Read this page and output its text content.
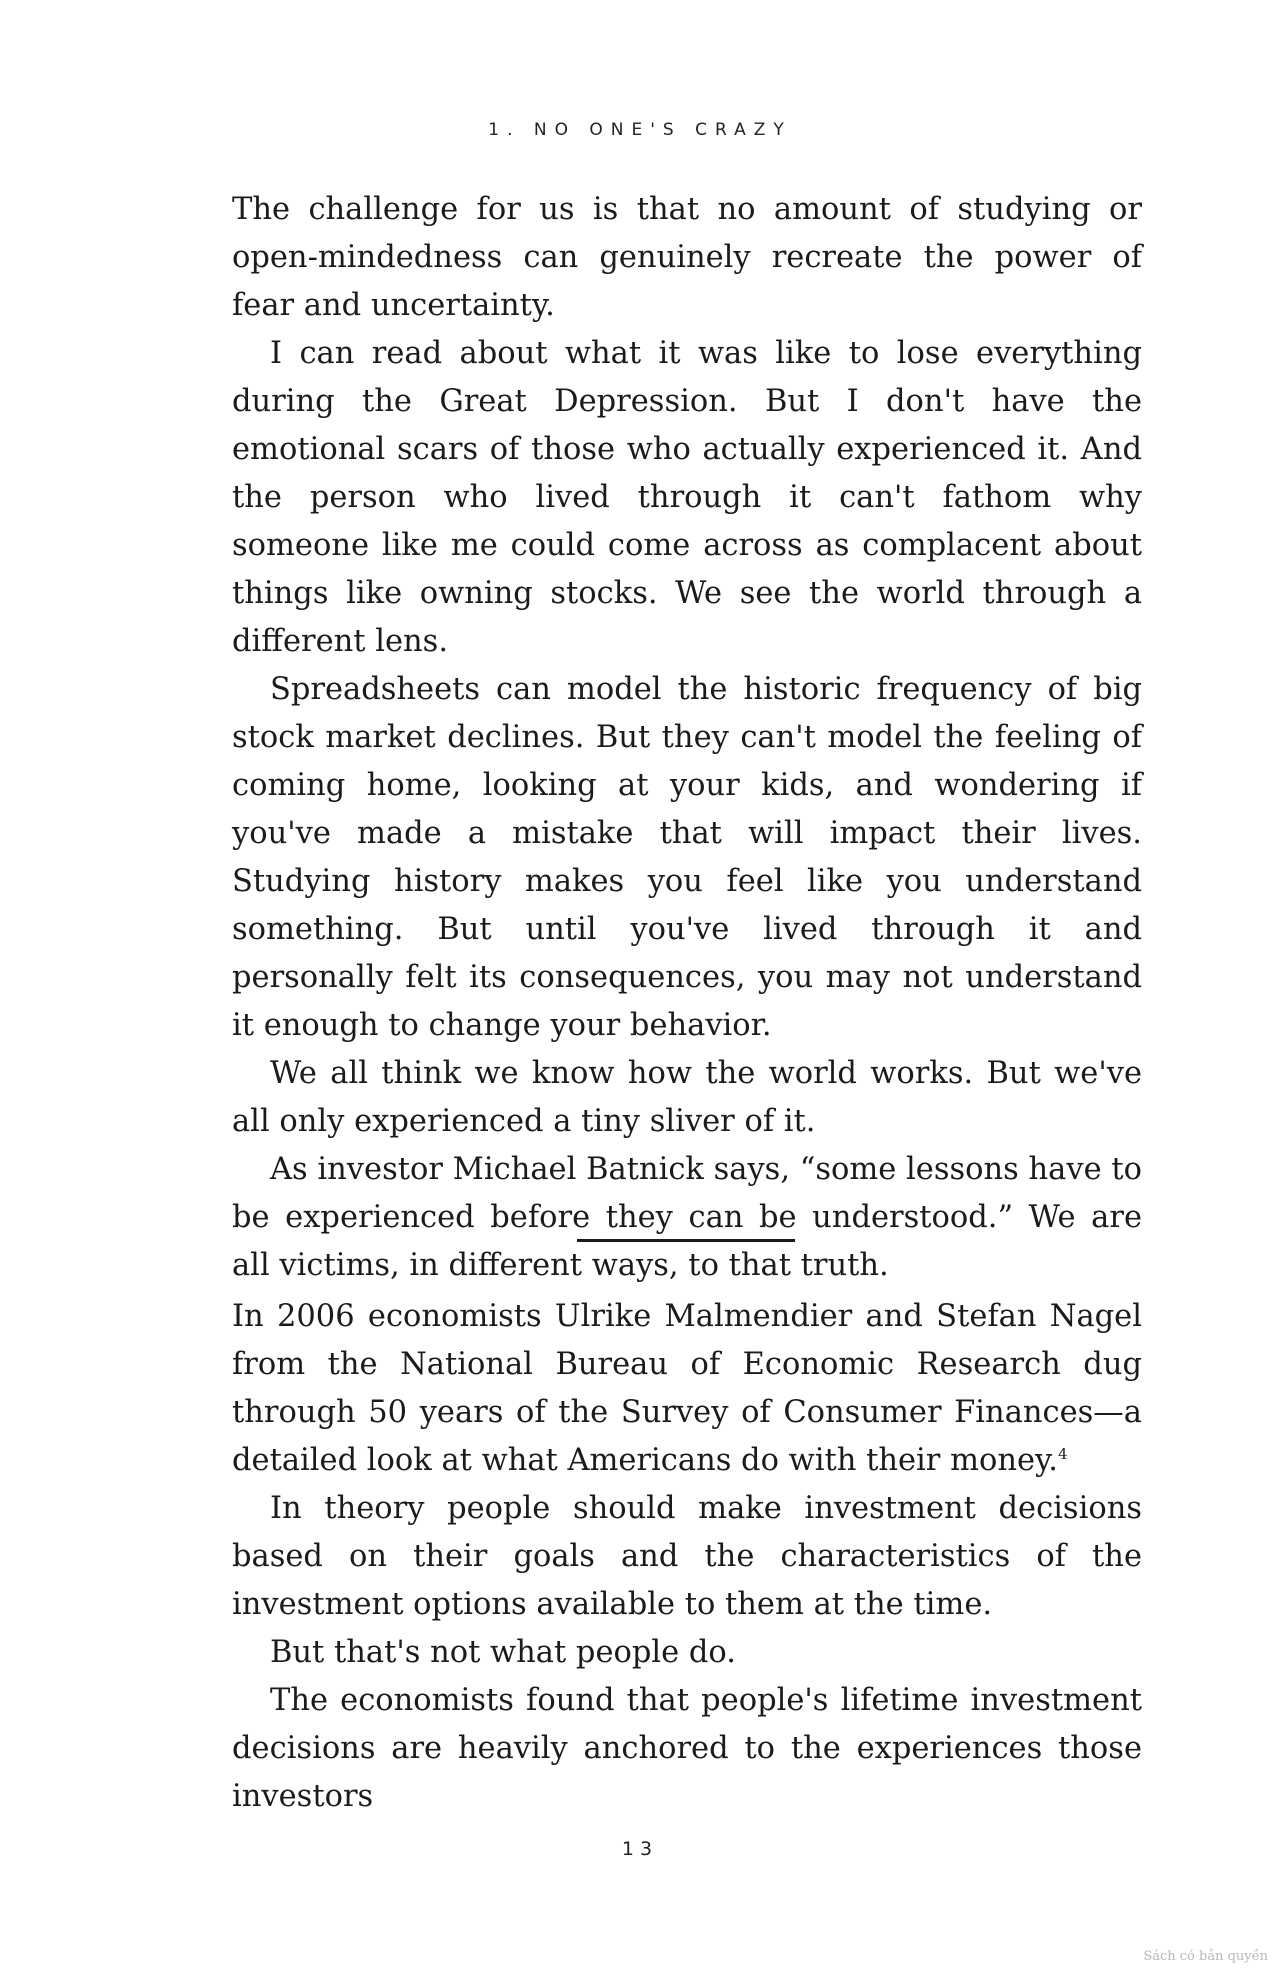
1. NO ONE'S CRAZY

The challenge for us is that no amount of studying or open-mindedness can genuinely recreate the power of fear and uncertainty.

I can read about what it was like to lose everything during the Great Depression. But I don't have the emotional scars of those who actually experienced it. And the person who lived through it can't fathom why someone like me could come across as complacent about things like owning stocks. We see the world through a different lens.

Spreadsheets can model the historic frequency of big stock market declines. But they can't model the feeling of coming home, looking at your kids, and wondering if you've made a mistake that will impact their lives. Studying history makes you feel like you understand something. But until you've lived through it and personally felt its consequences, you may not understand it enough to change your behavior.

We all think we know how the world works. But we've all only experienced a tiny sliver of it.

As investor Michael Batnick says, “some lessons have to be experienced before they can be understood.” We are all victims, in different ways, to that truth.

In 2006 economists Ulrike Malmendier and Stefan Nagel from the National Bureau of Economic Research dug through 50 years of the Survey of Consumer Finances—a detailed look at what Americans do with their money.$^4$

In theory people should make investment decisions based on their goals and the characteristics of the investment options available to them at the time.

But that's not what people do.

The economists found that people's lifetime investment decisions are heavily anchored to the experiences those investors

13
Sách có bản quyền
